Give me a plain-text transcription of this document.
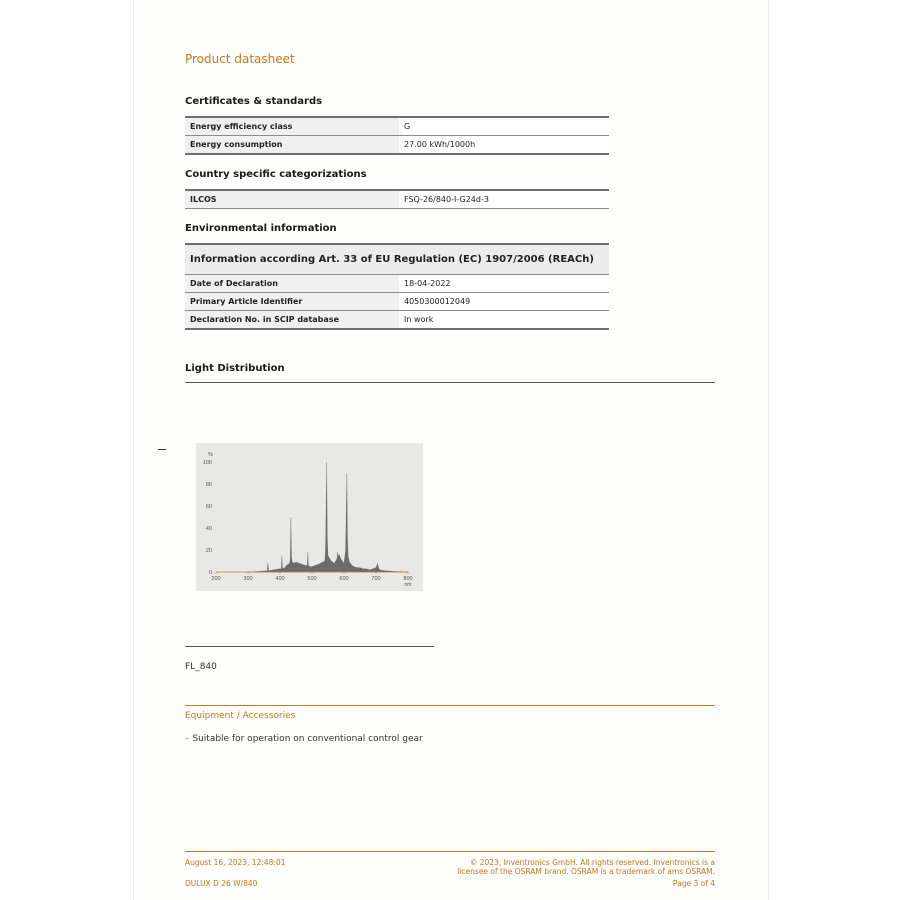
Product datasheet
Certificates & standards
Energy efficiency class	G
Energy consumption	27.00 kWh/1000h
Country specific categorizations
ILCOS	FSQ-26/840-I-G24d-3
Environmental information
Information according Art. 33 of EU Regulation (EC) 1907/2006 (REACh)	
Date of Declaration	18-04-2022
Primary Article Identifier	4050300012049
Declaration No. in SCIP database	In work
Light Distribution
0
20
40
60
80
100
%
200	300	400	500	600	700	800
nm
FL_840
Equipment / Accessories
– Suitable for operation on conventional control gear
August 16, 2023, 12:48:01
DULUX D 26 W/840
© 2023, Inventronics GmbH. All rights reserved. Inventronics is a
licensee of the OSRAM brand. OSRAM is a trademark of ams OSRAM.
Page 3 of 4
